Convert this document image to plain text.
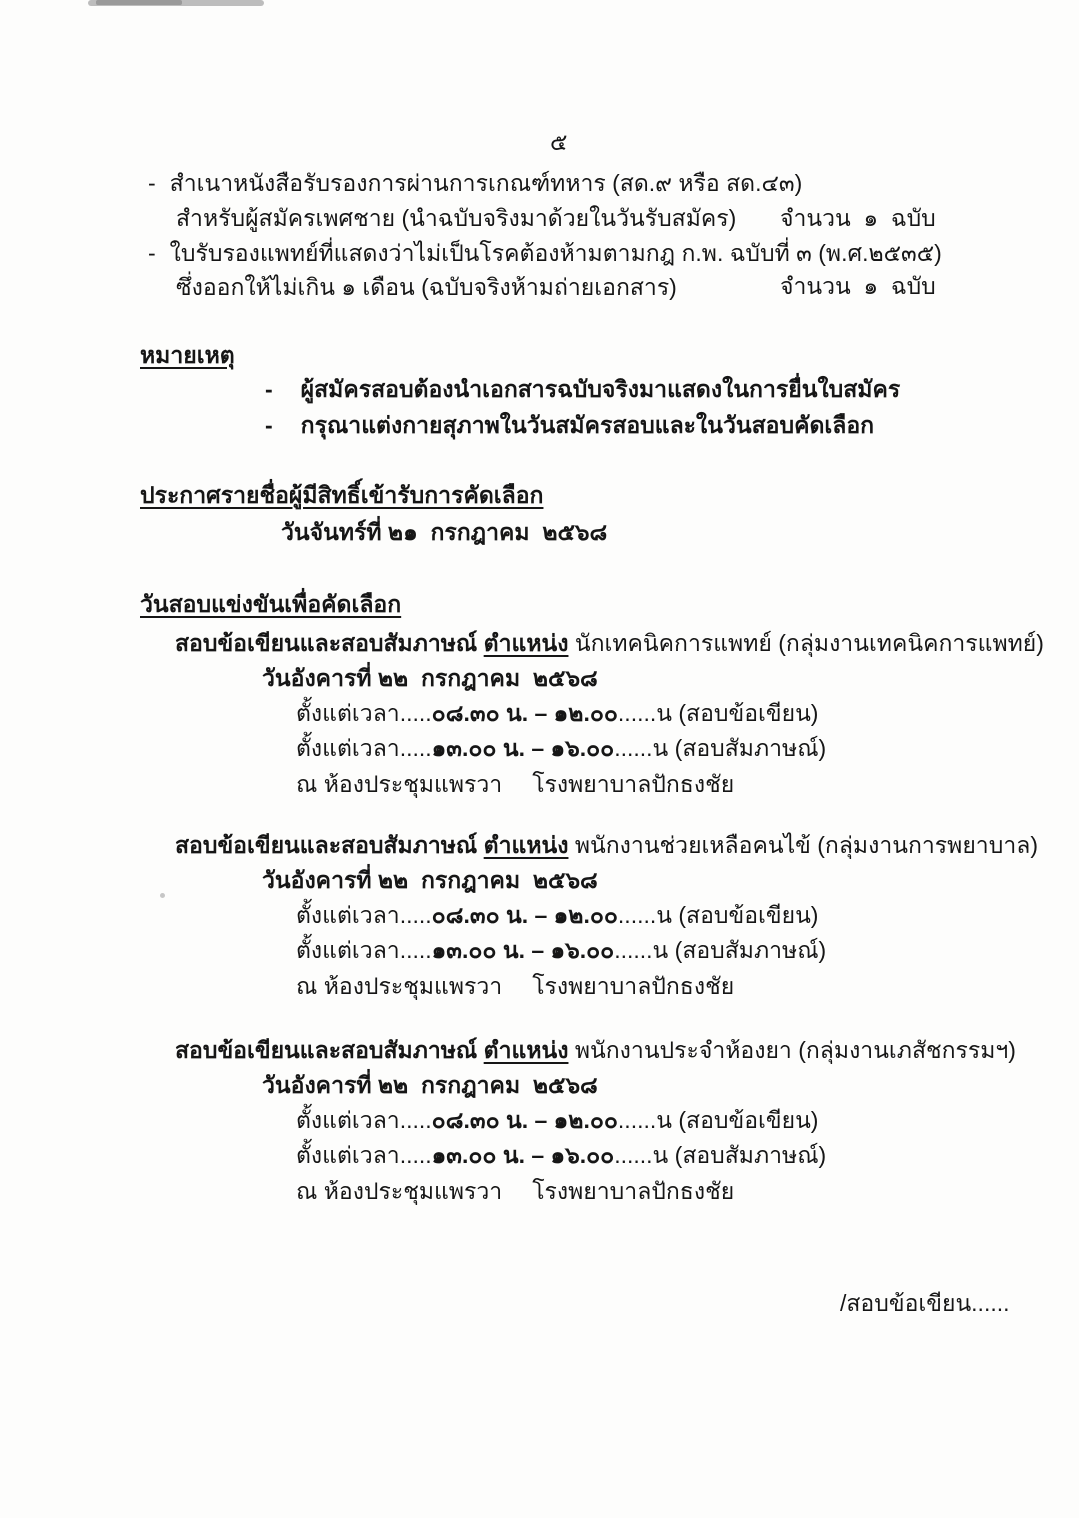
๕
- สำเนาหนังสือรับรองการผ่านการเกณฑ์ทหาร (สด.๙ หรือ สด.๔๓)
สำหรับผู้สมัครเพศชาย (นำฉบับจริงมาด้วยในวันรับสมัคร) จำนวน  ๑  ฉบับ
- ใบรับรองแพทย์ที่แสดงว่าไม่เป็นโรคต้องห้ามตามกฎ ก.พ. ฉบับที่ ๓ (พ.ศ.๒๕๓๕)
ซึ่งออกให้ไม่เกิน ๑ เดือน (ฉบับจริงห้ามถ่ายเอกสาร)	จำนวน  ๑  ฉบับ
หมายเหตุ
- ผู้สมัครสอบต้องนำเอกสารฉบับจริงมาแสดงในการยื่นใบสมัคร
- กรุณาแต่งกายสุภาพในวันสมัครสอบและในวันสอบคัดเลือก
ประกาศรายชื่อผู้มีสิทธิ์เข้ารับการคัดเลือก
วันจันทร์ที่ ๒๑  กรกฎาคม  ๒๕๖๘
วันสอบแข่งขันเพื่อคัดเลือก
สอบข้อเขียนและสอบสัมภาษณ์ ตำแหน่ง นักเทคนิคการแพทย์ (กลุ่มงานเทคนิคการแพทย์)
วันอังคารที่ ๒๒  กรกฎาคม  ๒๕๖๘
ตั้งแต่เวลา.....๐๘.๓๐ น. – ๑๒.๐๐......น (สอบข้อเขียน)
ตั้งแต่เวลา.....๑๓.๐๐ น. – ๑๖.๐๐......น (สอบสัมภาษณ์)
ณ ห้องประชุมแพรวา โรงพยาบาลปักธงชัย
สอบข้อเขียนและสอบสัมภาษณ์ ตำแหน่ง พนักงานช่วยเหลือคนไข้ (กลุ่มงานการพยาบาล)
วันอังคารที่ ๒๒  กรกฎาคม  ๒๕๖๘
ตั้งแต่เวลา.....๐๘.๓๐ น. – ๑๒.๐๐......น (สอบข้อเขียน)
ตั้งแต่เวลา.....๑๓.๐๐ น. – ๑๖.๐๐......น (สอบสัมภาษณ์)
ณ ห้องประชุมแพรวา โรงพยาบาลปักธงชัย
สอบข้อเขียนและสอบสัมภาษณ์ ตำแหน่ง พนักงานประจำห้องยา (กลุ่มงานเภสัชกรรมฯ)
วันอังคารที่ ๒๒  กรกฎาคม  ๒๕๖๘
ตั้งแต่เวลา.....๐๘.๓๐ น. – ๑๒.๐๐......น (สอบข้อเขียน)
ตั้งแต่เวลา.....๑๓.๐๐ น. – ๑๖.๐๐......น (สอบสัมภาษณ์)
ณ ห้องประชุมแพรวา โรงพยาบาลปักธงชัย
/สอบข้อเขียน......
